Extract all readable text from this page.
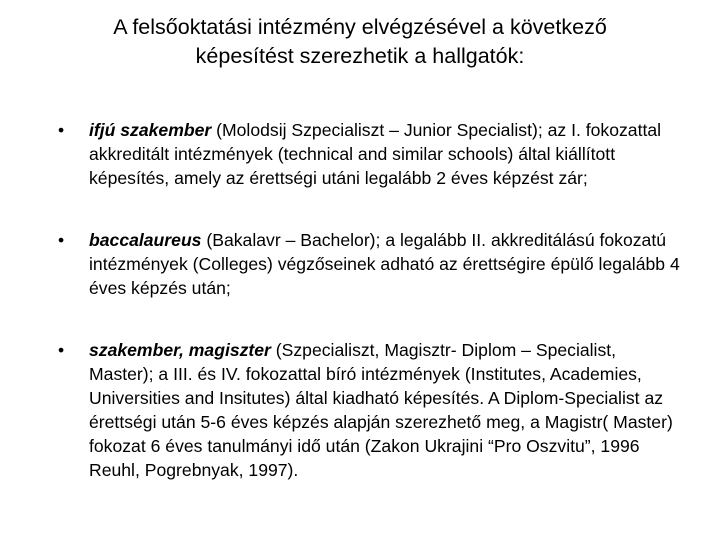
A felsőoktatási intézmény elvégzésével a következő
képesítést szerezhetik a hallgatók:
• ifjú szakember (Molodsij Szpecialiszt – Junior Specialist); az I. fokozattal akkreditált intézmények (technical and similar schools) által kiállított képesítés, amely az érettségi utáni legalább 2 éves képzést zár;
• baccalaureus (Bakalavr – Bachelor); a legalább II. akkreditálású fokozatú intézmények (Colleges) végzőseinek adható az érettségire épülő legalább 4 éves képzés után;
• szakember, magiszter (Szpecialiszt, Magisztr- Diplom – Specialist, Master); a III. és IV. fokozattal bíró intézmények (Institutes, Academies, Universities and Insitutes) által kiadható képesítés. A Diplom-Specialist az érettségi után 5-6 éves képzés alapján szerezhető meg, a Magistr( Master) fokozat 6 éves tanulmányi idő után (Zakon Ukrajini “Pro Oszvitu”, 1996 Reuhl, Pogrebnyak, 1997).
